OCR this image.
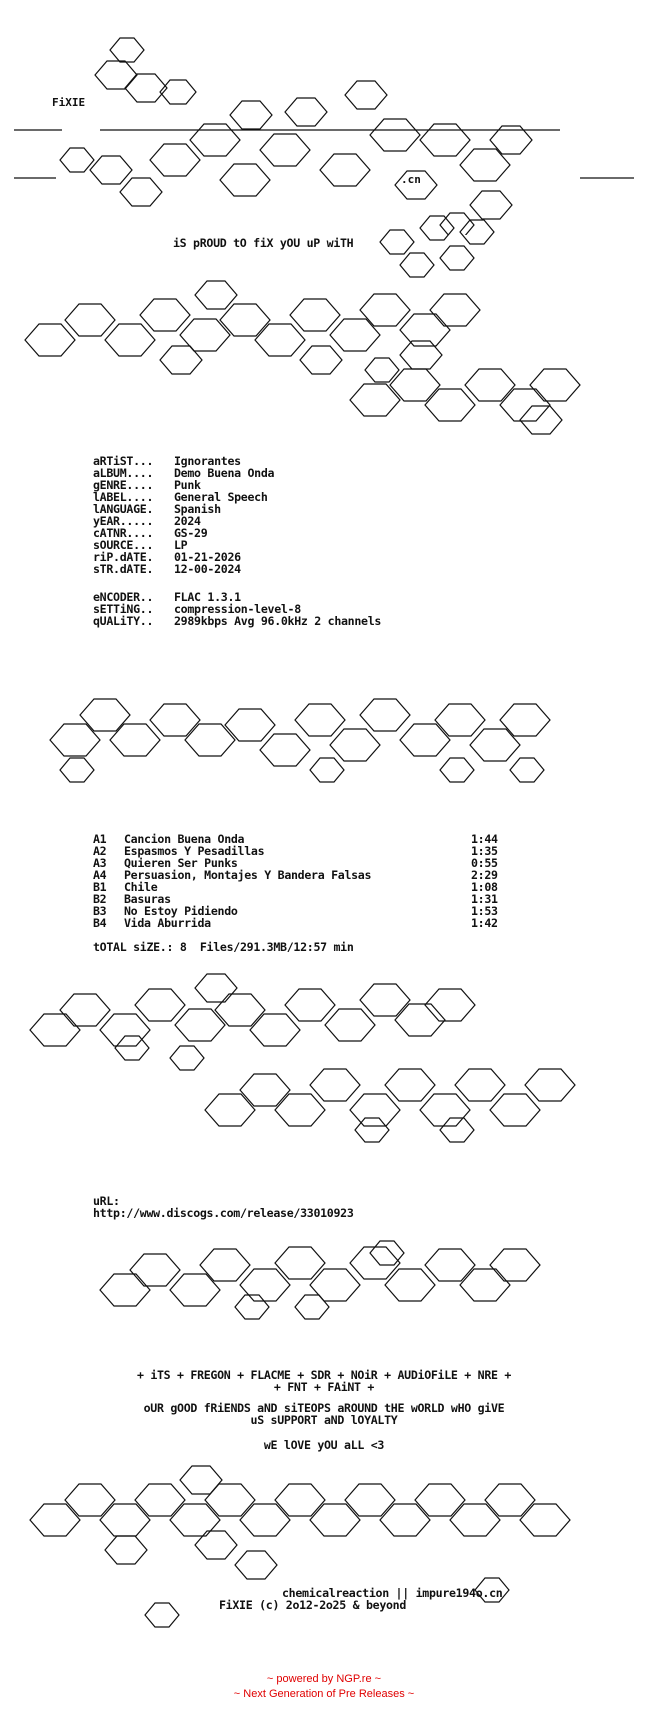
FiXIE
.cn
iS pROUD tO fiX yOU uP wiTH
aRTiST... Ignorantes
aLBUM.... Demo Buena Onda
gENRE.... Punk
lABEL.... General Speech
lANGUAGE. Spanish
yEAR..... 2024
cATNR.... GS-29
sOURCE... LP
riP.dATE. 01-21-2026
sTR.dATE. 12-00-2024
eNCODER.. FLAC 1.3.1
sETTiNG.. compression-level-8
qUALiTY.. 2989kbps Avg 96.0kHz 2 channels
A1 Cancion Buena Onda	1:44
A2 Espasmos Y Pesadillas	1:35
A3 Quieren Ser Punks	0:55
A4 Persuasion, Montajes Y Bandera Falsas	2:29
B1 Chile	1:08
B2 Basuras	1:31
B3 No Estoy Pidiendo	1:53
B4 Vida Aburrida	1:42
tOTAL siZE.: 8  Files/291.3MB/12:57 min
uRL:
http://www.discogs.com/release/33010923
+ iTS + FREGON + FLACME + SDR + NOiR + AUDiOFiLE + NRE +
+ FNT + FAiNT +
oUR gOOD fRiENDS aND siTEOPS aROUND tHE wORLD wHO giVE
uS sUPPORT aND lOYALTY
wE lOVE yOU aLL <3
chemicalreaction || impure194o.cn
FiXIE (c) 2o12-2o25 & beyond
~ powered by NGP.re ~
~ Next Generation of Pre Releases ~
